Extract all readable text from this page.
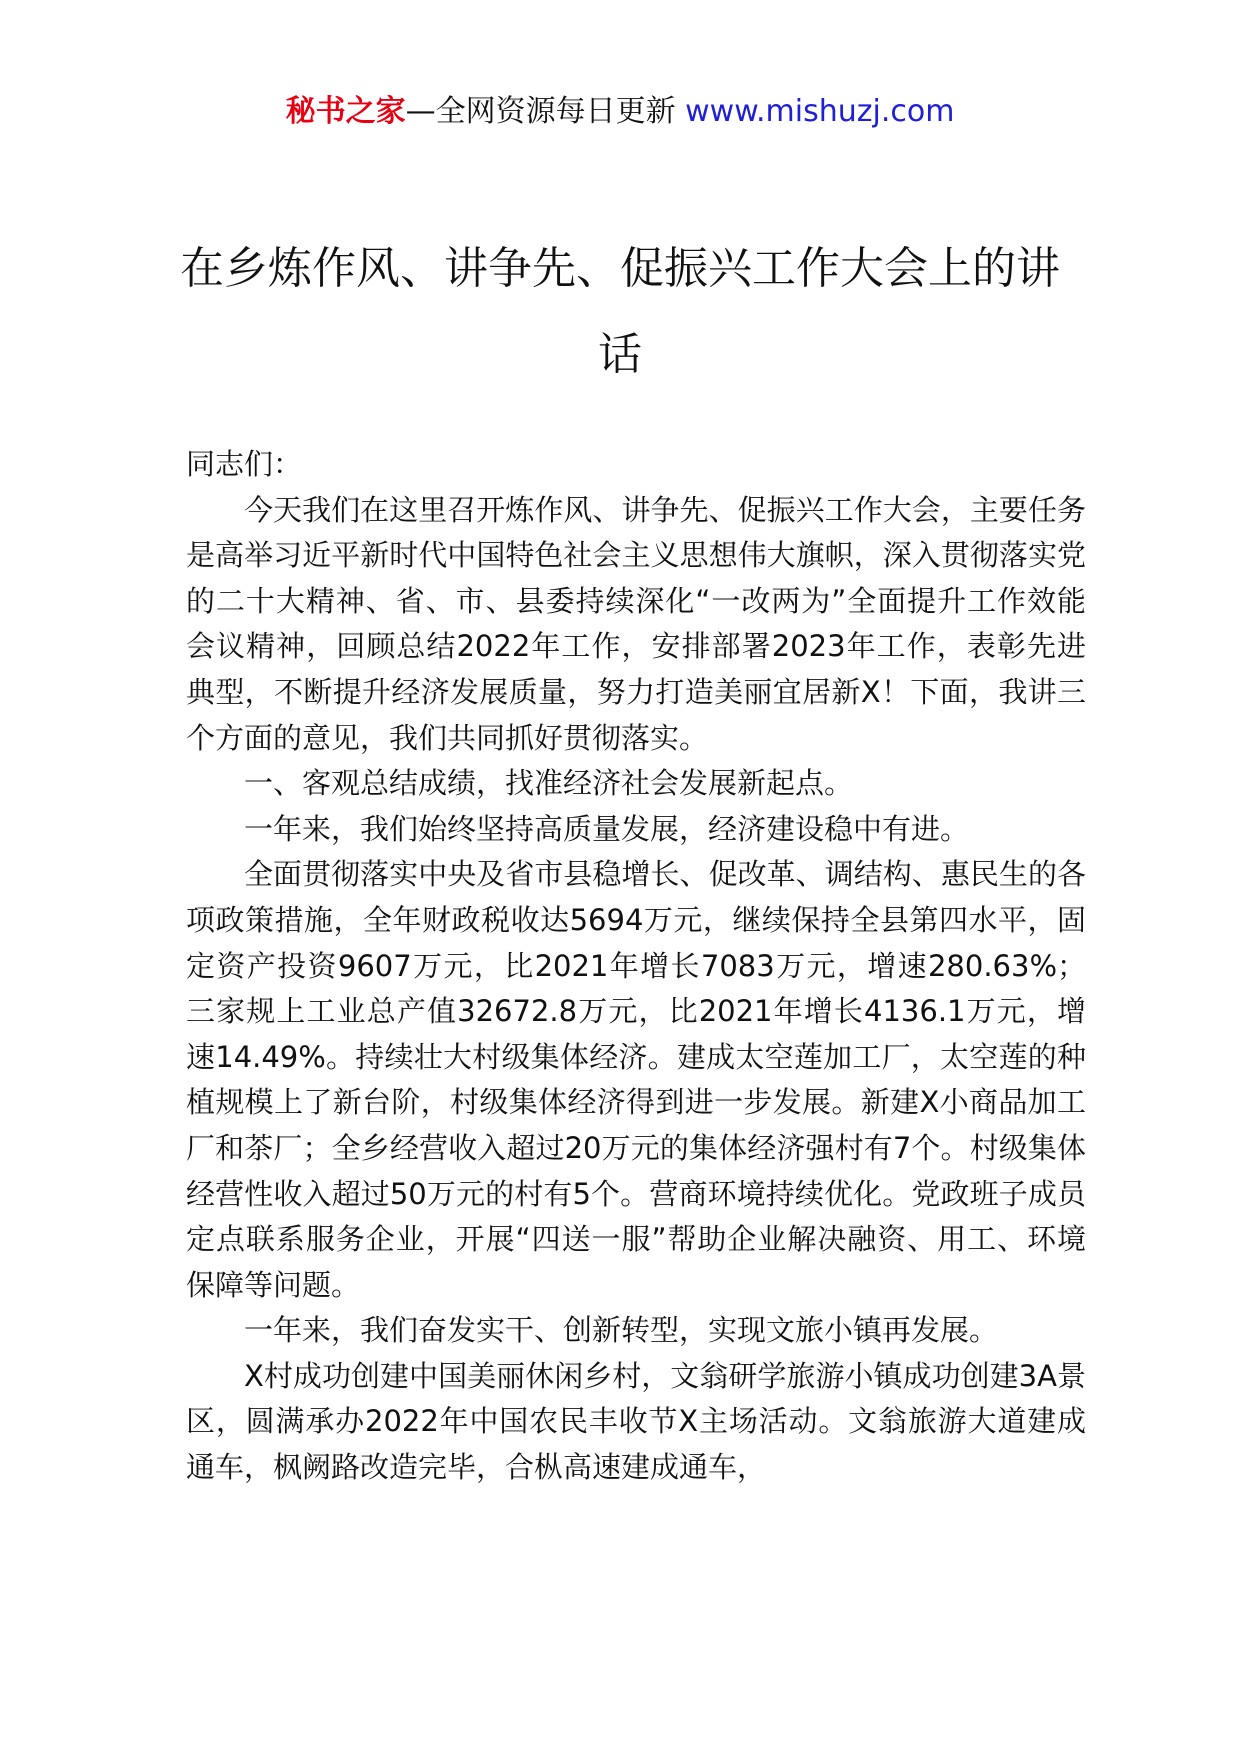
秘书之家—全网资源每日更新 www.mishuzj.com
在乡炼作风、讲争先、促振兴工作大会上的讲话

同志们：

今天我们在这里召开炼作风、讲争先、促振兴工作大会，主要任务是高举习近平新时代中国特色社会主义思想伟大旗帜，深入贯彻落实党的二十大精神、省、市、县委持续深化“一改两为”全面提升工作效能会议精神，回顾总结2022年工作，安排部署2023年工作，表彰先进典型，不断提升经济发展质量，努力打造美丽宜居新X！下面，我讲三个方面的意见，我们共同抓好贯彻落实。

一、客观总结成绩，找准经济社会发展新起点。

一年来，我们始终坚持高质量发展，经济建设稳中有进。

全面贯彻落实中央及省市县稳增长、促改革、调结构、惠民生的各项政策措施，全年财政税收达5694万元，继续保持全县第四水平，固定资产投资9607万元，比2021年增长7083万元，增速280.63%；三家规上工业总产值32672.8万元，比2021年增长4136.1万元，增速14.49%。持续壮大村级集体经济。建成太空莲加工厂，太空莲的种植规模上了新台阶，村级集体经济得到进一步发展。新建X小商品加工厂和茶厂；全乡经营收入超过20万元的集体经济强村有7个。村级集体经营性收入超过50万元的村有5个。营商环境持续优化。党政班子成员定点联系服务企业，开展“四送一服”帮助企业解决融资、用工、环境保障等问题。

一年来，我们奋发实干、创新转型，实现文旅小镇再发展。

X村成功创建中国美丽休闲乡村，文翁研学旅游小镇成功创建3A景区，圆满承办2022年中国农民丰收节X主场活动。文翁旅游大道建成通车，枫阙路改造完毕，合枞高速建成通车，
